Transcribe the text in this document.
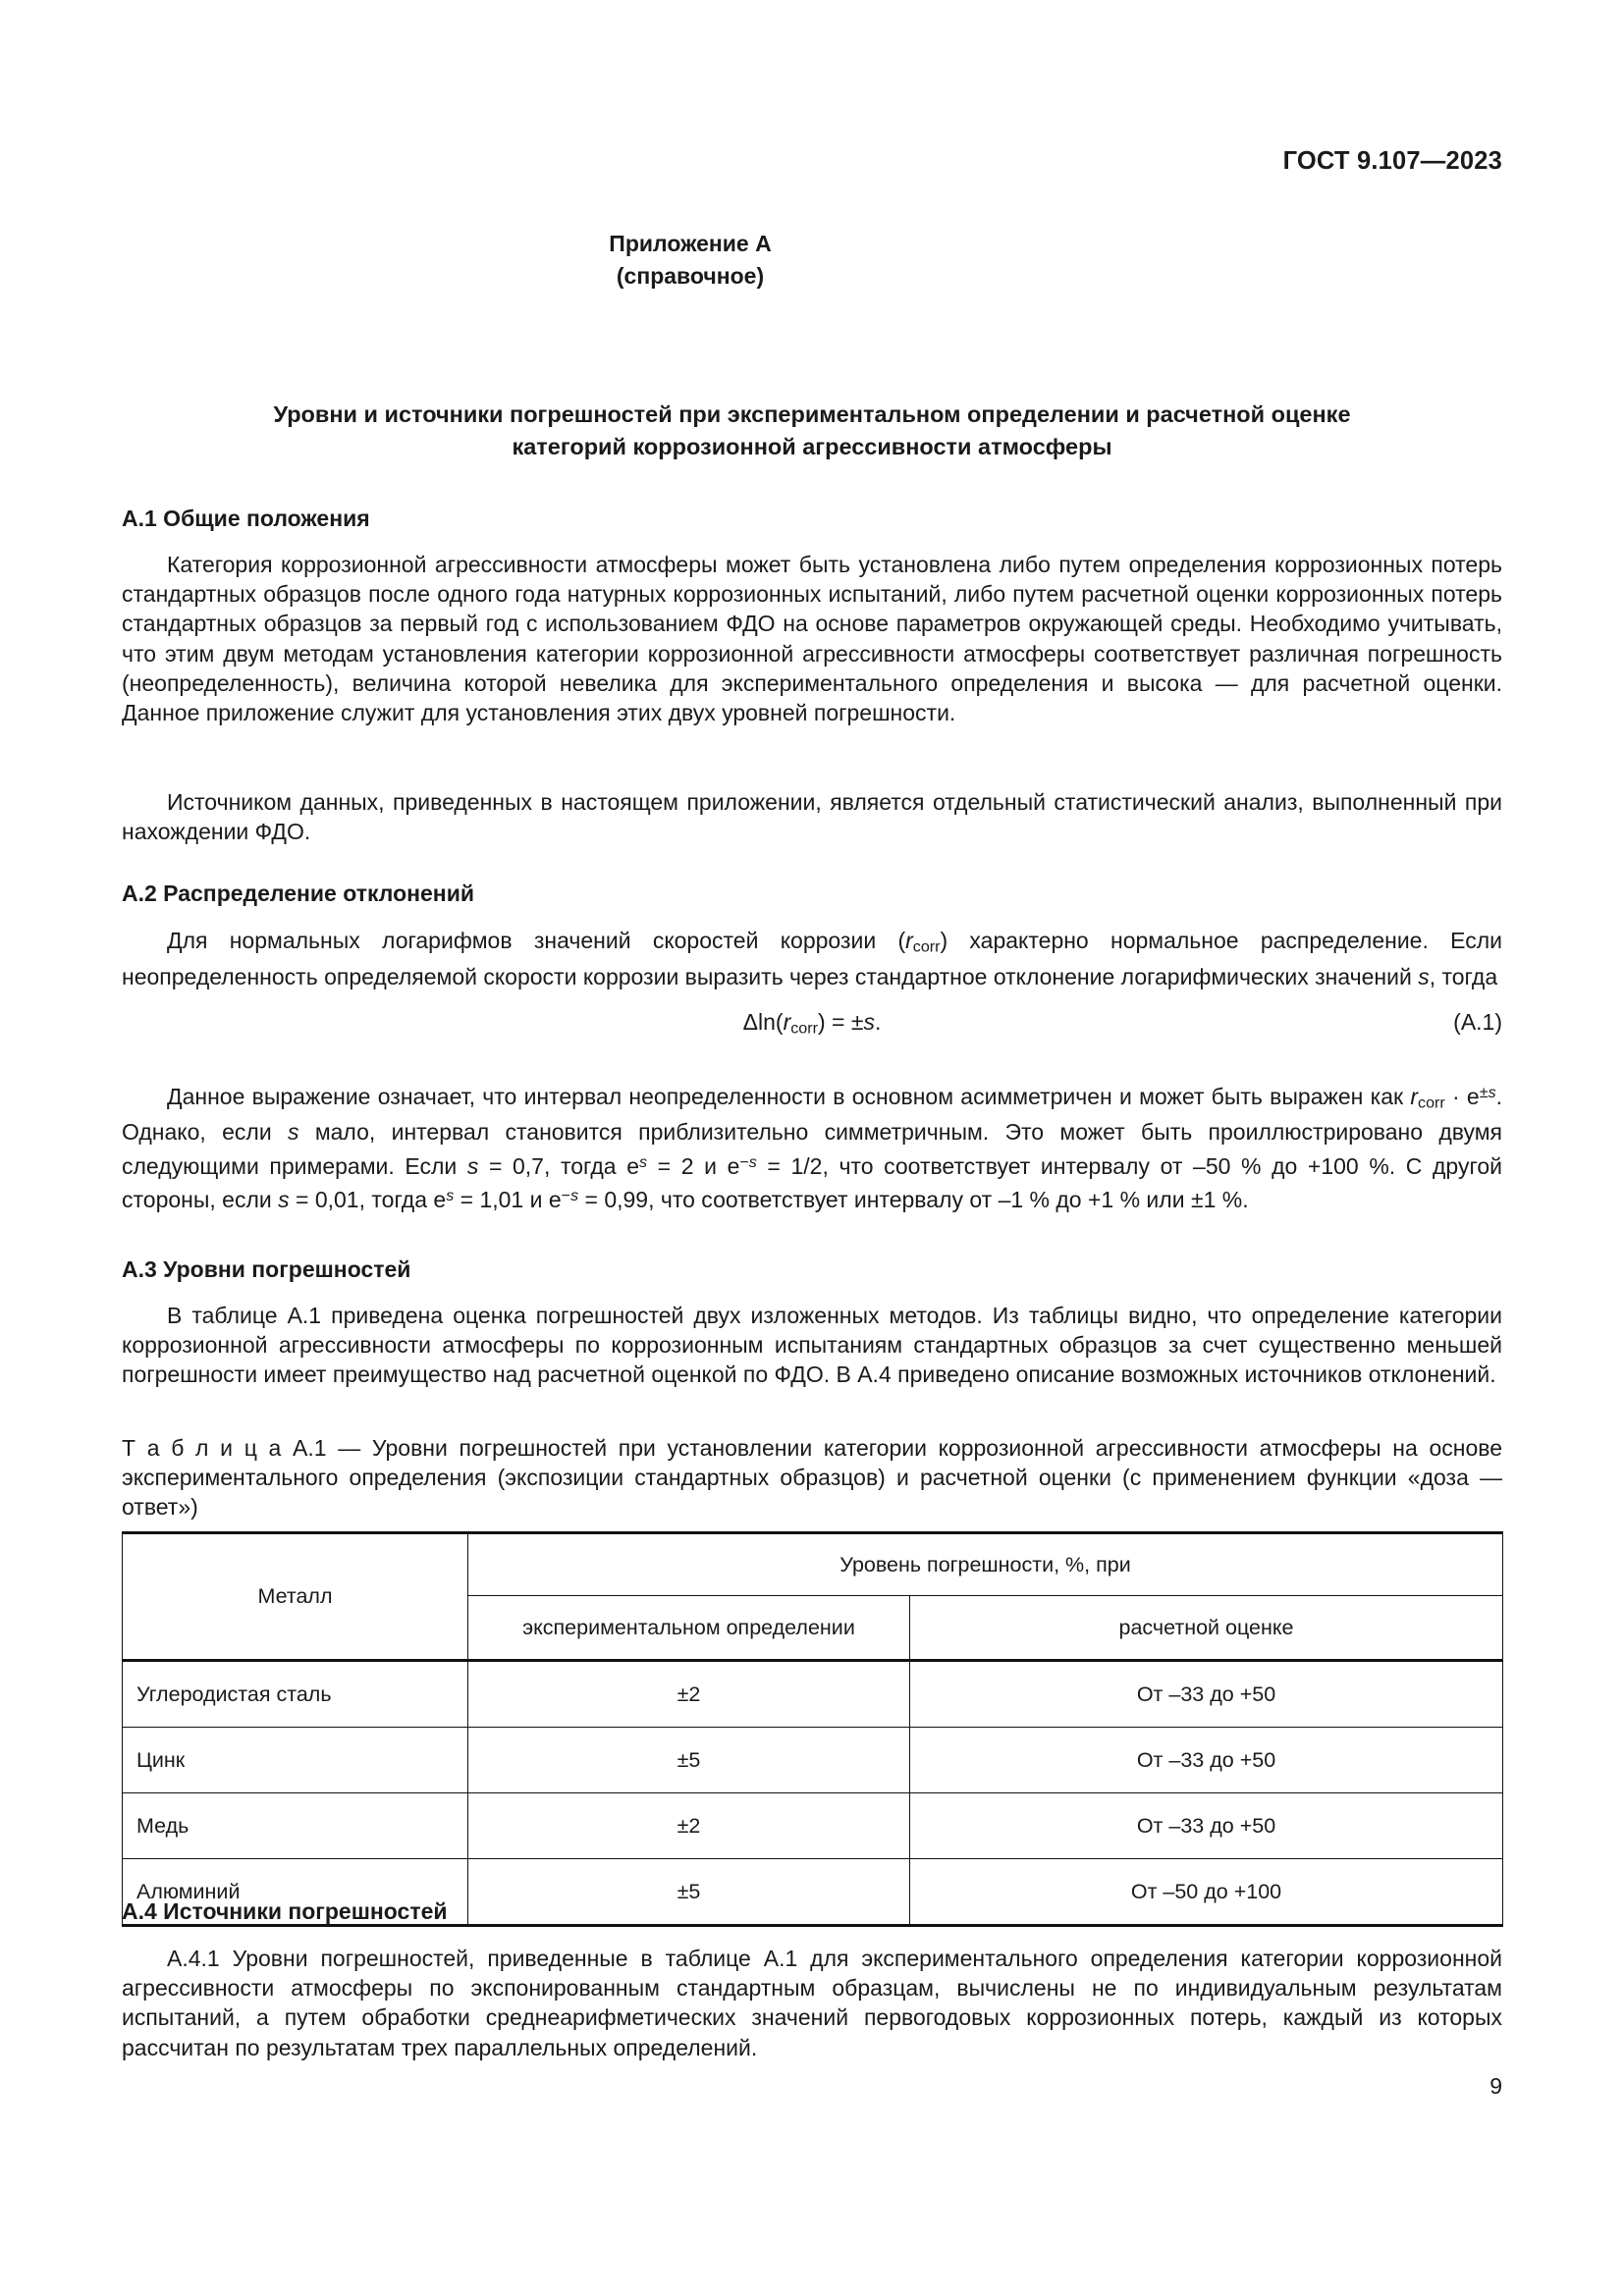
ГОСТ 9.107—2023
Приложение А
(справочное)
Уровни и источники погрешностей при экспериментальном определении и расчетной оценке
категорий коррозионной агрессивности атмосферы

А.1 Общие положения

Категория коррозионной агрессивности атмосферы может быть установлена либо путем определения коррозионных потерь стандартных образцов после одного года натурных коррозионных испытаний, либо путем расчетной оценки коррозионных потерь стандартных образцов за первый год с использованием ФДО на основе параметров окружающей среды. Необходимо учитывать, что этим двум методам установления категории коррозионной агрессивности атмосферы соответствует различная погрешность (неопределенность), величина которой невелика для экспериментального определения и высока — для расчетной оценки. Данное приложение служит для установления этих двух уровней погрешности.

Источником данных, приведенных в настоящем приложении, является отдельный статистический анализ, выполненный при нахождении ФДО.

А.2 Распределение отклонений

Для нормальных логарифмов значений скоростей коррозии $(r_{corr})$ характерно нормальное распределение. Если неопределенность определяемой скорости коррозии выразить через стандартное отклонение логарифмических значений s, тогда

$\Delta\ln(r_{corr}) = \pm s$.	(A.1)

Данное выражение означает, что интервал неопределенности в основном асимметричен и может быть выражен как $r_{corr} \cdot e^{\pm s}$. Однако, если s мало, интервал становится приблизительно симметричным. Это может быть проиллюстрировано двумя следующими примерами. Если s = 0,7, тогда $e^s = 2$ и $e^{-s} = 1/2$, что соответствует интервалу от –50 % до +100 %. С другой стороны, если s = 0,01, тогда $e^s = 1,01$ и $e^{-s} = 0,99$, что соответствует интервалу от –1 % до +1 % или ±1 %.

А.3 Уровни погрешностей

В таблице А.1 приведена оценка погрешностей двух изложенных методов. Из таблицы видно, что определение категории коррозионной агрессивности атмосферы по коррозионным испытаниям стандартных образцов за счет существенно меньшей погрешности имеет преимущество над расчетной оценкой по ФДО. В А.4 приведено описание возможных источников отклонений.

Т а б л и ц а А.1 — Уровни погрешностей при установлении категории коррозионной агрессивности атмосферы на основе экспериментального определения (экспозиции стандартных образцов) и расчетной оценки (с применением функции «доза — ответ»)

Металл	Уровень погрешности, %, при	
	экспериментальном определении	расчетной оценке
Углеродистая сталь	±2	От –33 до +50
Цинк	±5	От –33 до +50
Медь	±2	От –33 до +50
Алюминий	±5	От –50 до +100

А.4 Источники погрешностей

А.4.1 Уровни погрешностей, приведенные в таблице А.1 для экспериментального определения категории коррозионной агрессивности атмосферы по экспонированным стандартным образцам, вычислены не по индивидуальным результатам испытаний, а путем обработки среднеарифметических значений первогодовых коррозионных потерь, каждый из которых рассчитан по результатам трех параллельных определений.

9
